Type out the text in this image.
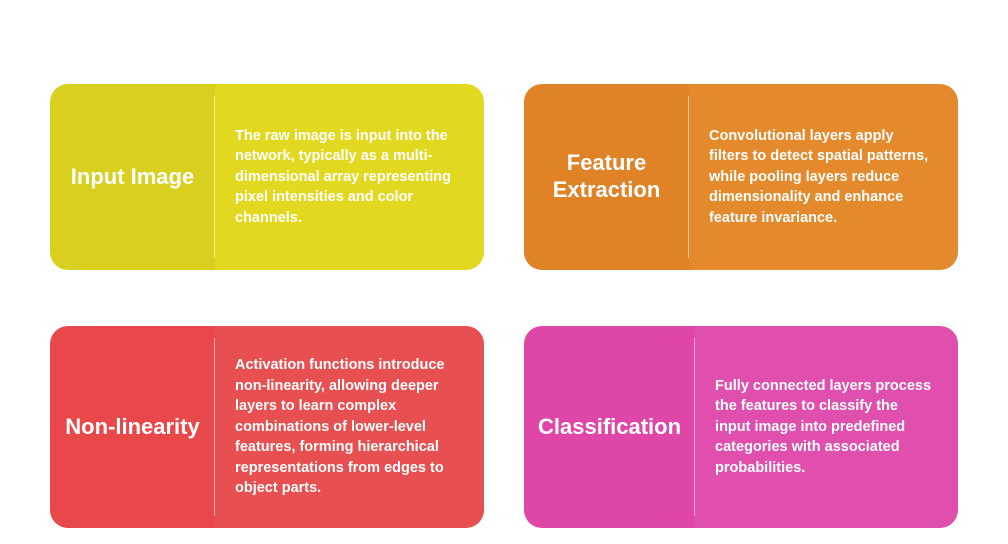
Input Image
The raw image is input into the network, typically as a multi-dimensional array representing pixel intensities and color channels.
Feature Extraction
Convolutional layers apply filters to detect spatial patterns, while pooling layers reduce dimensionality and enhance feature invariance.
Non-linearity
Activation functions introduce non-linearity, allowing deeper layers to learn complex combinations of lower-level features, forming hierarchical representations from edges to object parts.
Classification
Fully connected layers process the features to classify the input image into predefined categories with associated probabilities.
